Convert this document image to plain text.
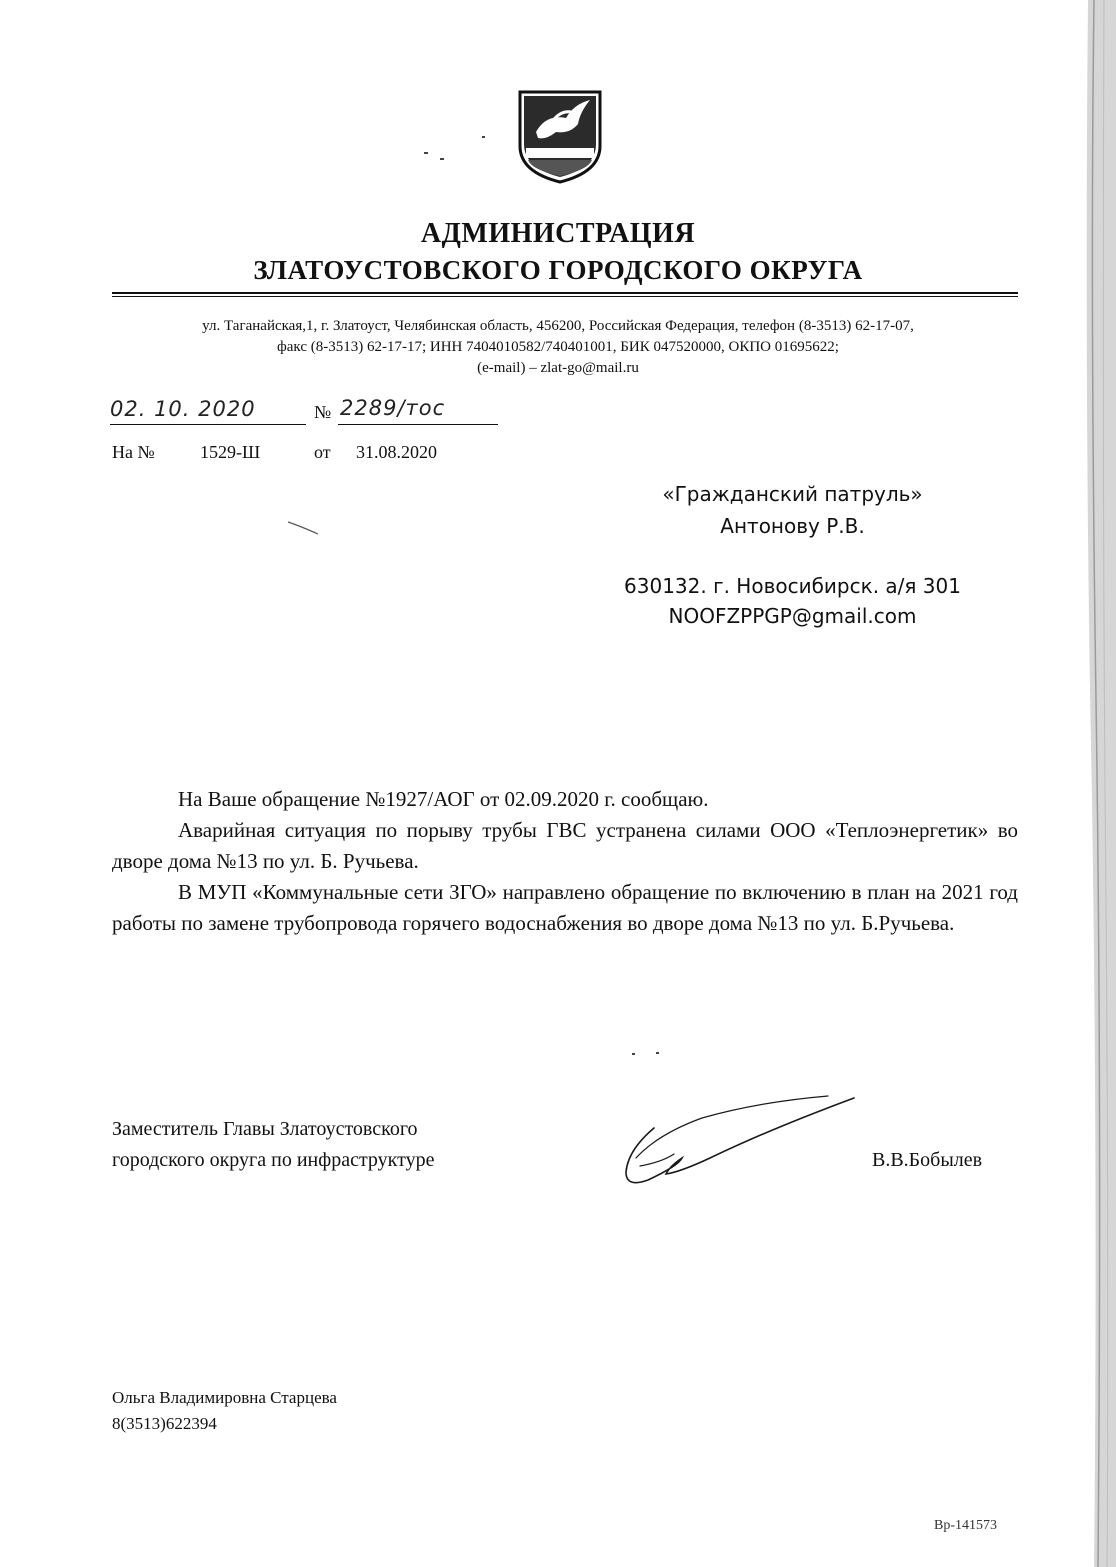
АДМИНИСТРАЦИЯ
ЗЛАТОУСТОВСКОГО ГОРОДСКОГО ОКРУГА
ул. Таганайская,1, г. Златоуст, Челябинская область, 456200, Российская Федерация, телефон (8-3513) 62-17-07,
факс (8-3513) 62-17-17; ИНН 7404010582/740401001, БИК 047520000, ОКПО 01695622;
(e-mail) – zlat-go@mail.ru
02. 10. 2020	№ 2289/тос
На №	1529-Ш	от 31.08.2020
«Гражданский патруль»
Антонову Р.В.
630132. г. Новосибирск. а/я 301
NOOFZPPGP@gmail.com

На Ваше обращение №1927/АОГ от 02.09.2020 г. сообщаю.

Аварийная ситуация по порыву трубы ГВС устранена силами ООО «Теплоэнергетик» во дворе дома №13 по ул. Б. Ручьева.

В МУП «Коммунальные сети ЗГО» направлено обращение по включению в план на 2021 год работы по замене трубопровода горячего водоснабжения во дворе дома №13 по ул. Б.Ручьева.

Заместитель Главы Златоустовского
городского округа по инфраструктуре	В.В.Бобылев
Ольга Владимировна Старцева
8(3513)622394
Вр-141573
